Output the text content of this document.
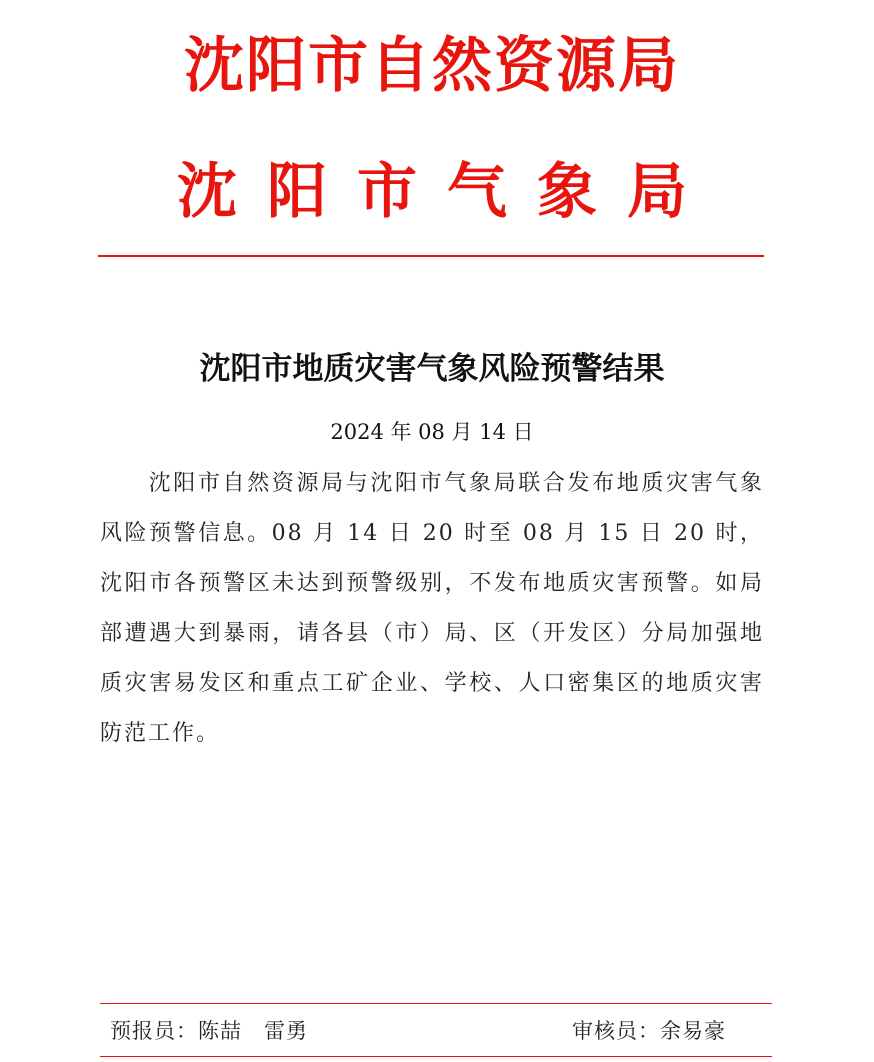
沈阳市自然资源局
沈阳市气象局
沈阳市地质灾害气象风险预警结果
2024 年 08 月 14 日

沈阳市自然资源局与沈阳市气象局联合发布地质灾害气象风险预警信息。08 月 14 日 20 时至 08 月 15 日 20 时，沈阳市各预警区未达到预警级别，不发布地质灾害预警。如局部遭遇大到暴雨，请各县（市）局、区（开发区）分局加强地质灾害易发区和重点工矿企业、学校、人口密集区的地质灾害防范工作。

预报员：陈喆　雷勇	审核员：余易豪
